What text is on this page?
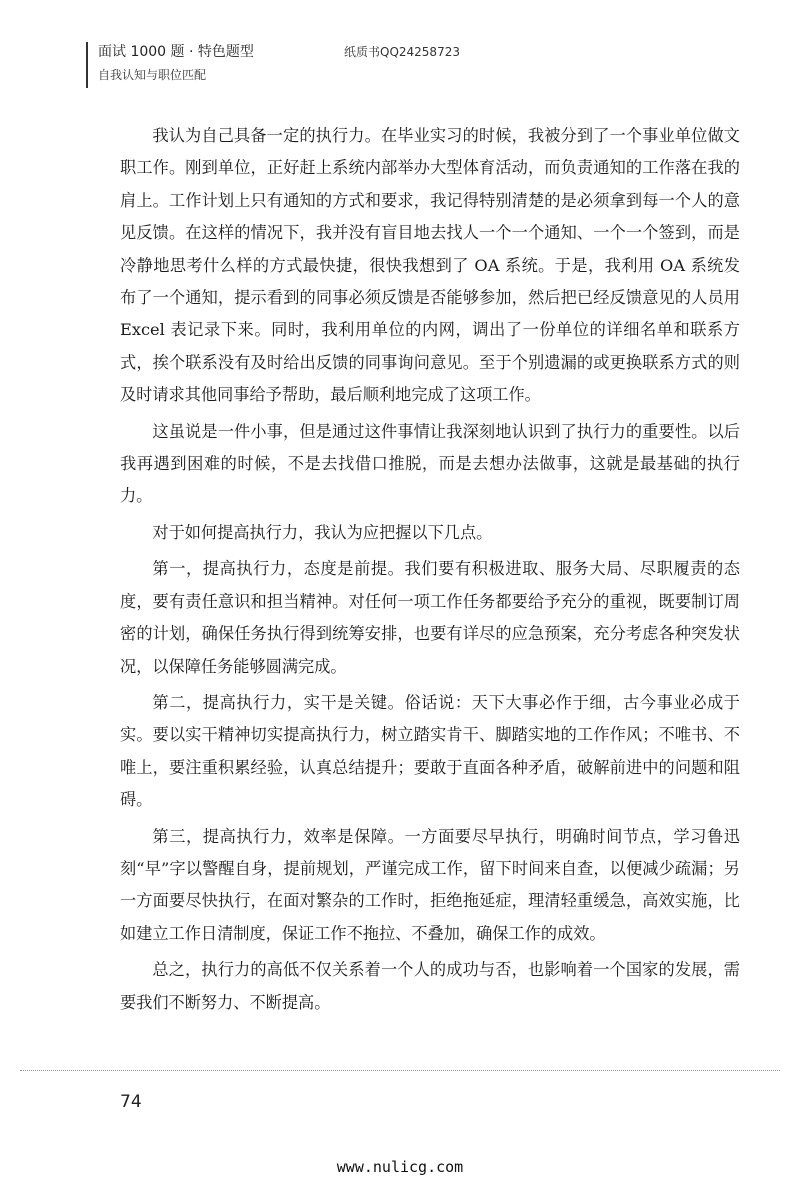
面试 1000 题 · 特色题型	纸质书QQ24258723
自我认知与职位匹配

我认为自己具备一定的执行力。在毕业实习的时候，我被分到了一个事业单位做文职工作。刚到单位，正好赶上系统内部举办大型体育活动，而负责通知的工作落在我的肩上。工作计划上只有通知的方式和要求，我记得特别清楚的是必须拿到每一个人的意见反馈。在这样的情况下，我并没有盲目地去找人一个一个通知、一个一个签到，而是冷静地思考什么样的方式最快捷，很快我想到了 OA 系统。于是，我利用 OA 系统发布了一个通知，提示看到的同事必须反馈是否能够参加，然后把已经反馈意见的人员用 Excel 表记录下来。同时，我利用单位的内网，调出了一份单位的详细名单和联系方式，挨个联系没有及时给出反馈的同事询问意见。至于个别遗漏的或更换联系方式的则及时请求其他同事给予帮助，最后顺利地完成了这项工作。

这虽说是一件小事，但是通过这件事情让我深刻地认识到了执行力的重要性。以后我再遇到困难的时候，不是去找借口推脱，而是去想办法做事，这就是最基础的执行力。

对于如何提高执行力，我认为应把握以下几点。

第一，提高执行力，态度是前提。我们要有积极进取、服务大局、尽职履责的态度，要有责任意识和担当精神。对任何一项工作任务都要给予充分的重视，既要制订周密的计划，确保任务执行得到统筹安排，也要有详尽的应急预案，充分考虑各种突发状况，以保障任务能够圆满完成。

第二，提高执行力，实干是关键。俗话说：天下大事必作于细，古今事业必成于实。要以实干精神切实提高执行力，树立踏实肯干、脚踏实地的工作作风；不唯书、不唯上，要注重积累经验，认真总结提升；要敢于直面各种矛盾，破解前进中的问题和阻碍。

第三，提高执行力，效率是保障。一方面要尽早执行，明确时间节点，学习鲁迅刻“早”字以警醒自身，提前规划，严谨完成工作，留下时间来自查，以便减少疏漏；另一方面要尽快执行，在面对繁杂的工作时，拒绝拖延症，理清轻重缓急，高效实施，比如建立工作日清制度，保证工作不拖拉、不叠加，确保工作的成效。

总之，执行力的高低不仅关系着一个人的成功与否，也影响着一个国家的发展，需要我们不断努力、不断提高。

74
www.nulicg.com
